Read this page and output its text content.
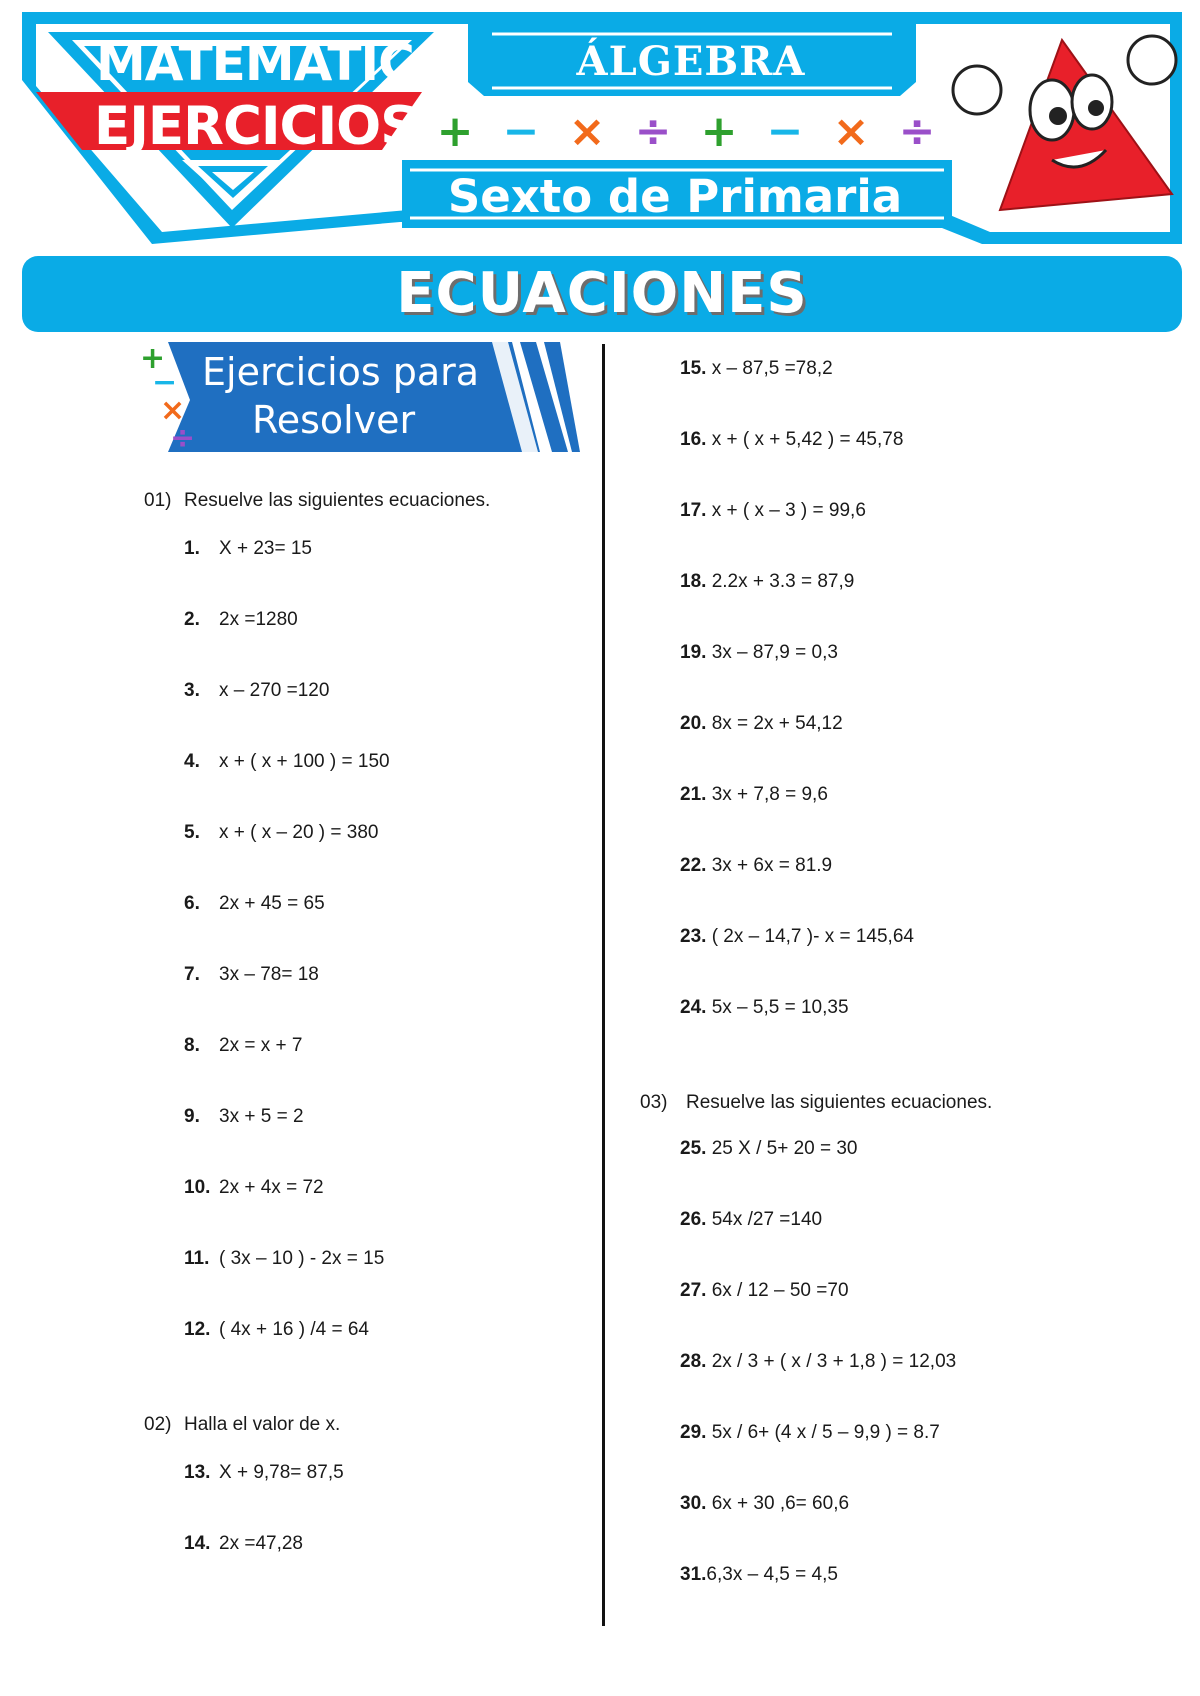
MATEMATICA
EJERCICIOS
ÁLGEBRA
+ − × ÷ + − × ÷
Sexto de Primaria
ECUACIONES
+
−
×
÷
Ejercicios para
Resolver
01) Resuelve las siguientes ecuaciones.
1. X + 23= 15
2. 2x =1280
3. x – 270 =120
4. x + ( x + 100 ) = 150
5. x + ( x – 20 ) = 380
6. 2x + 45 = 65
7. 3x – 78= 18
8. 2x = x + 7
9. 3x + 5 = 2
10. 2x + 4x = 72
11. ( 3x – 10 ) - 2x = 15
12. ( 4x + 16 ) /4 = 64
02) Halla el valor de x.
13. X + 9,78= 87,5
14. 2x =47,28
15. x – 87,5 =78,2
16. x + ( x + 5,42 ) = 45,78
17. x + ( x – 3 ) = 99,6
18. 2.2x + 3.3 = 87,9
19. 3x – 87,9 = 0,3
20. 8x = 2x + 54,12
21. 3x + 7,8 = 9,6
22. 3x + 6x = 81.9
23. ( 2x – 14,7 )- x = 145,64
24. 5x – 5,5 = 10,35
03) Resuelve las siguientes ecuaciones.
25. 25 X / 5+ 20 = 30
26. 54x /27 =140
27. 6x / 12 – 50 =70
28. 2x / 3 + ( x / 3 + 1,8 ) = 12,03
29. 5x / 6+ (4 x / 5 – 9,9 ) = 8.7
30. 6x + 30 ,6= 60,6
31.6,3x – 4,5 = 4,5
